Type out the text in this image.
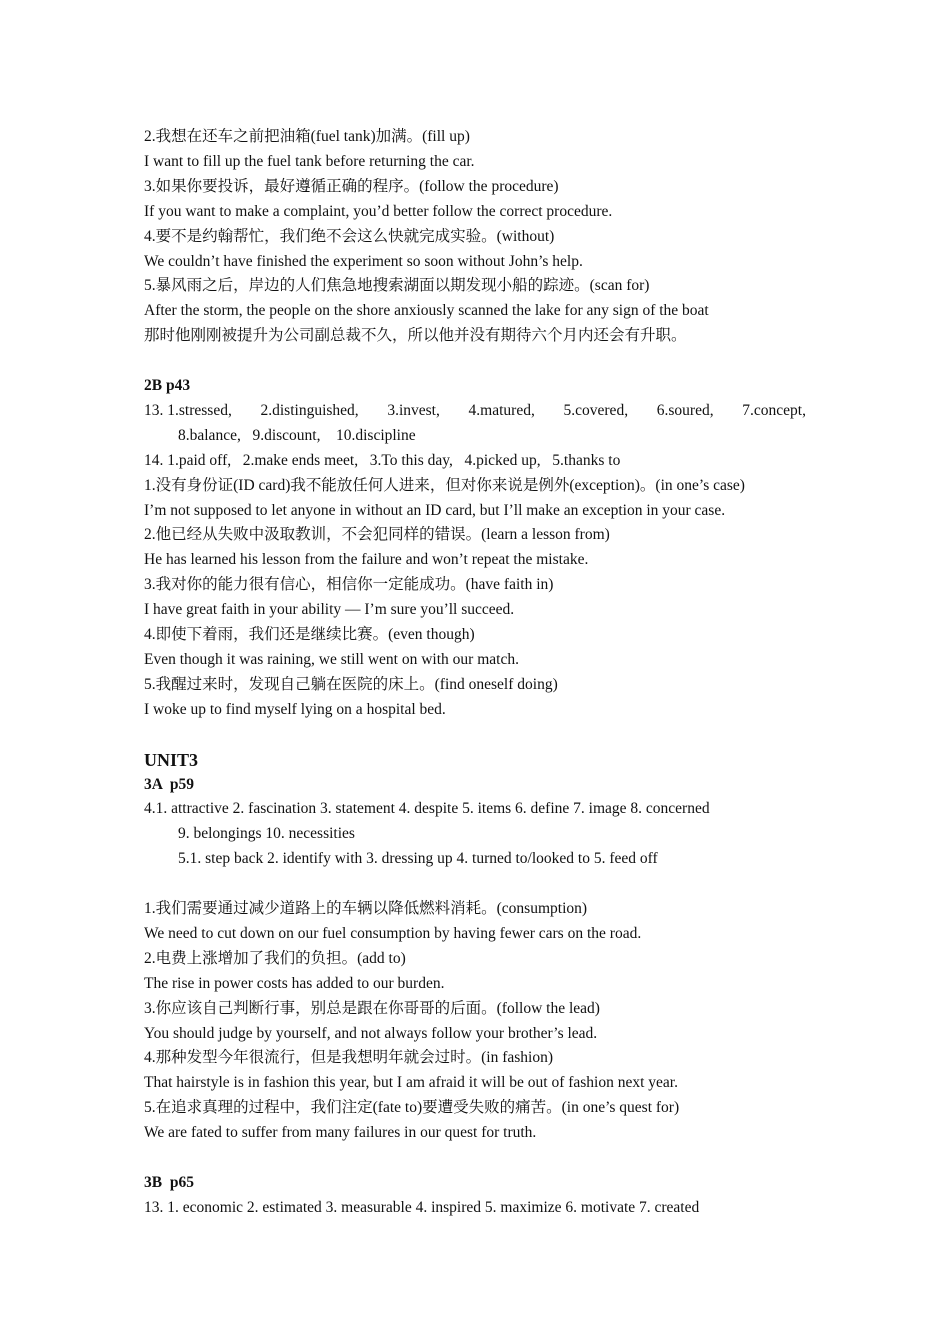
2.我想在还车之前把油箱(fuel tank)加满。(fill up)
I want to fill up the fuel tank before returning the car.
3.如果你要投诉，最好遵循正确的程序。(follow the procedure)
If you want to make a complaint, you’d better follow the correct procedure.
4.要不是约翰帮忙，我们绝不会这么快就完成实验。(without)
We couldn’t have finished the experiment so soon without John’s help.
5.暴风雨之后，岸边的人们焦急地搜索湖面以期发现小船的踪迹。(scan for)
After the storm, the people on the shore anxiously scanned the lake for any sign of the boat
那时他刚刚被提升为公司副总裁不久，所以他并没有期待六个月内还会有升职。
2B p43
13. 1.stressed, 2.distinguished, 3.invest, 4.matured, 5.covered, 6.soured, 7.concept,
8.balance,   9.discount,    10.discipline
14. 1.paid off,   2.make ends meet,   3.To this day,   4.picked up,   5.thanks to
1.没有身份证(ID card)我不能放任何人进来，但对你来说是例外(exception)。(in one’s case)
I’m not supposed to let anyone in without an ID card, but I’ll make an exception in your case.
2.他已经从失败中汲取教训，不会犯同样的错误。(learn a lesson from)
He has learned his lesson from the failure and won’t repeat the mistake.
3.我对你的能力很有信心，相信你一定能成功。(have faith in)
I have great faith in your ability — I’m sure you’ll succeed.
4.即使下着雨，我们还是继续比赛。(even though)
Even though it was raining, we still went on with our match.
5.我醒过来时，发现自己躺在医院的床上。(find oneself doing)
I woke up to find myself lying on a hospital bed.
UNIT3
3A  p59
4.1. attractive 2. fascination 3. statement 4. despite 5. items 6. define 7. image 8. concerned
9. belongings 10. necessities
5.1. step back 2. identify with 3. dressing up 4. turned to/looked to 5. feed off
1.我们需要通过减少道路上的车辆以降低燃料消耗。(consumption)
We need to cut down on our fuel consumption by having fewer cars on the road.
2.电费上涨增加了我们的负担。(add to)
The rise in power costs has added to our burden.
3.你应该自己判断行事，别总是跟在你哥哥的后面。(follow the lead)
You should judge by yourself, and not always follow your brother’s lead.
4.那种发型今年很流行，但是我想明年就会过时。(in fashion)
That hairstyle is in fashion this year, but I am afraid it will be out of fashion next year.
5.在追求真理的过程中，我们注定(fate to)要遭受失败的痛苦。(in one’s quest for)
We are fated to suffer from many failures in our quest for truth.
3B  p65
13. 1. economic 2. estimated 3. measurable 4. inspired 5. maximize 6. motivate 7. created
